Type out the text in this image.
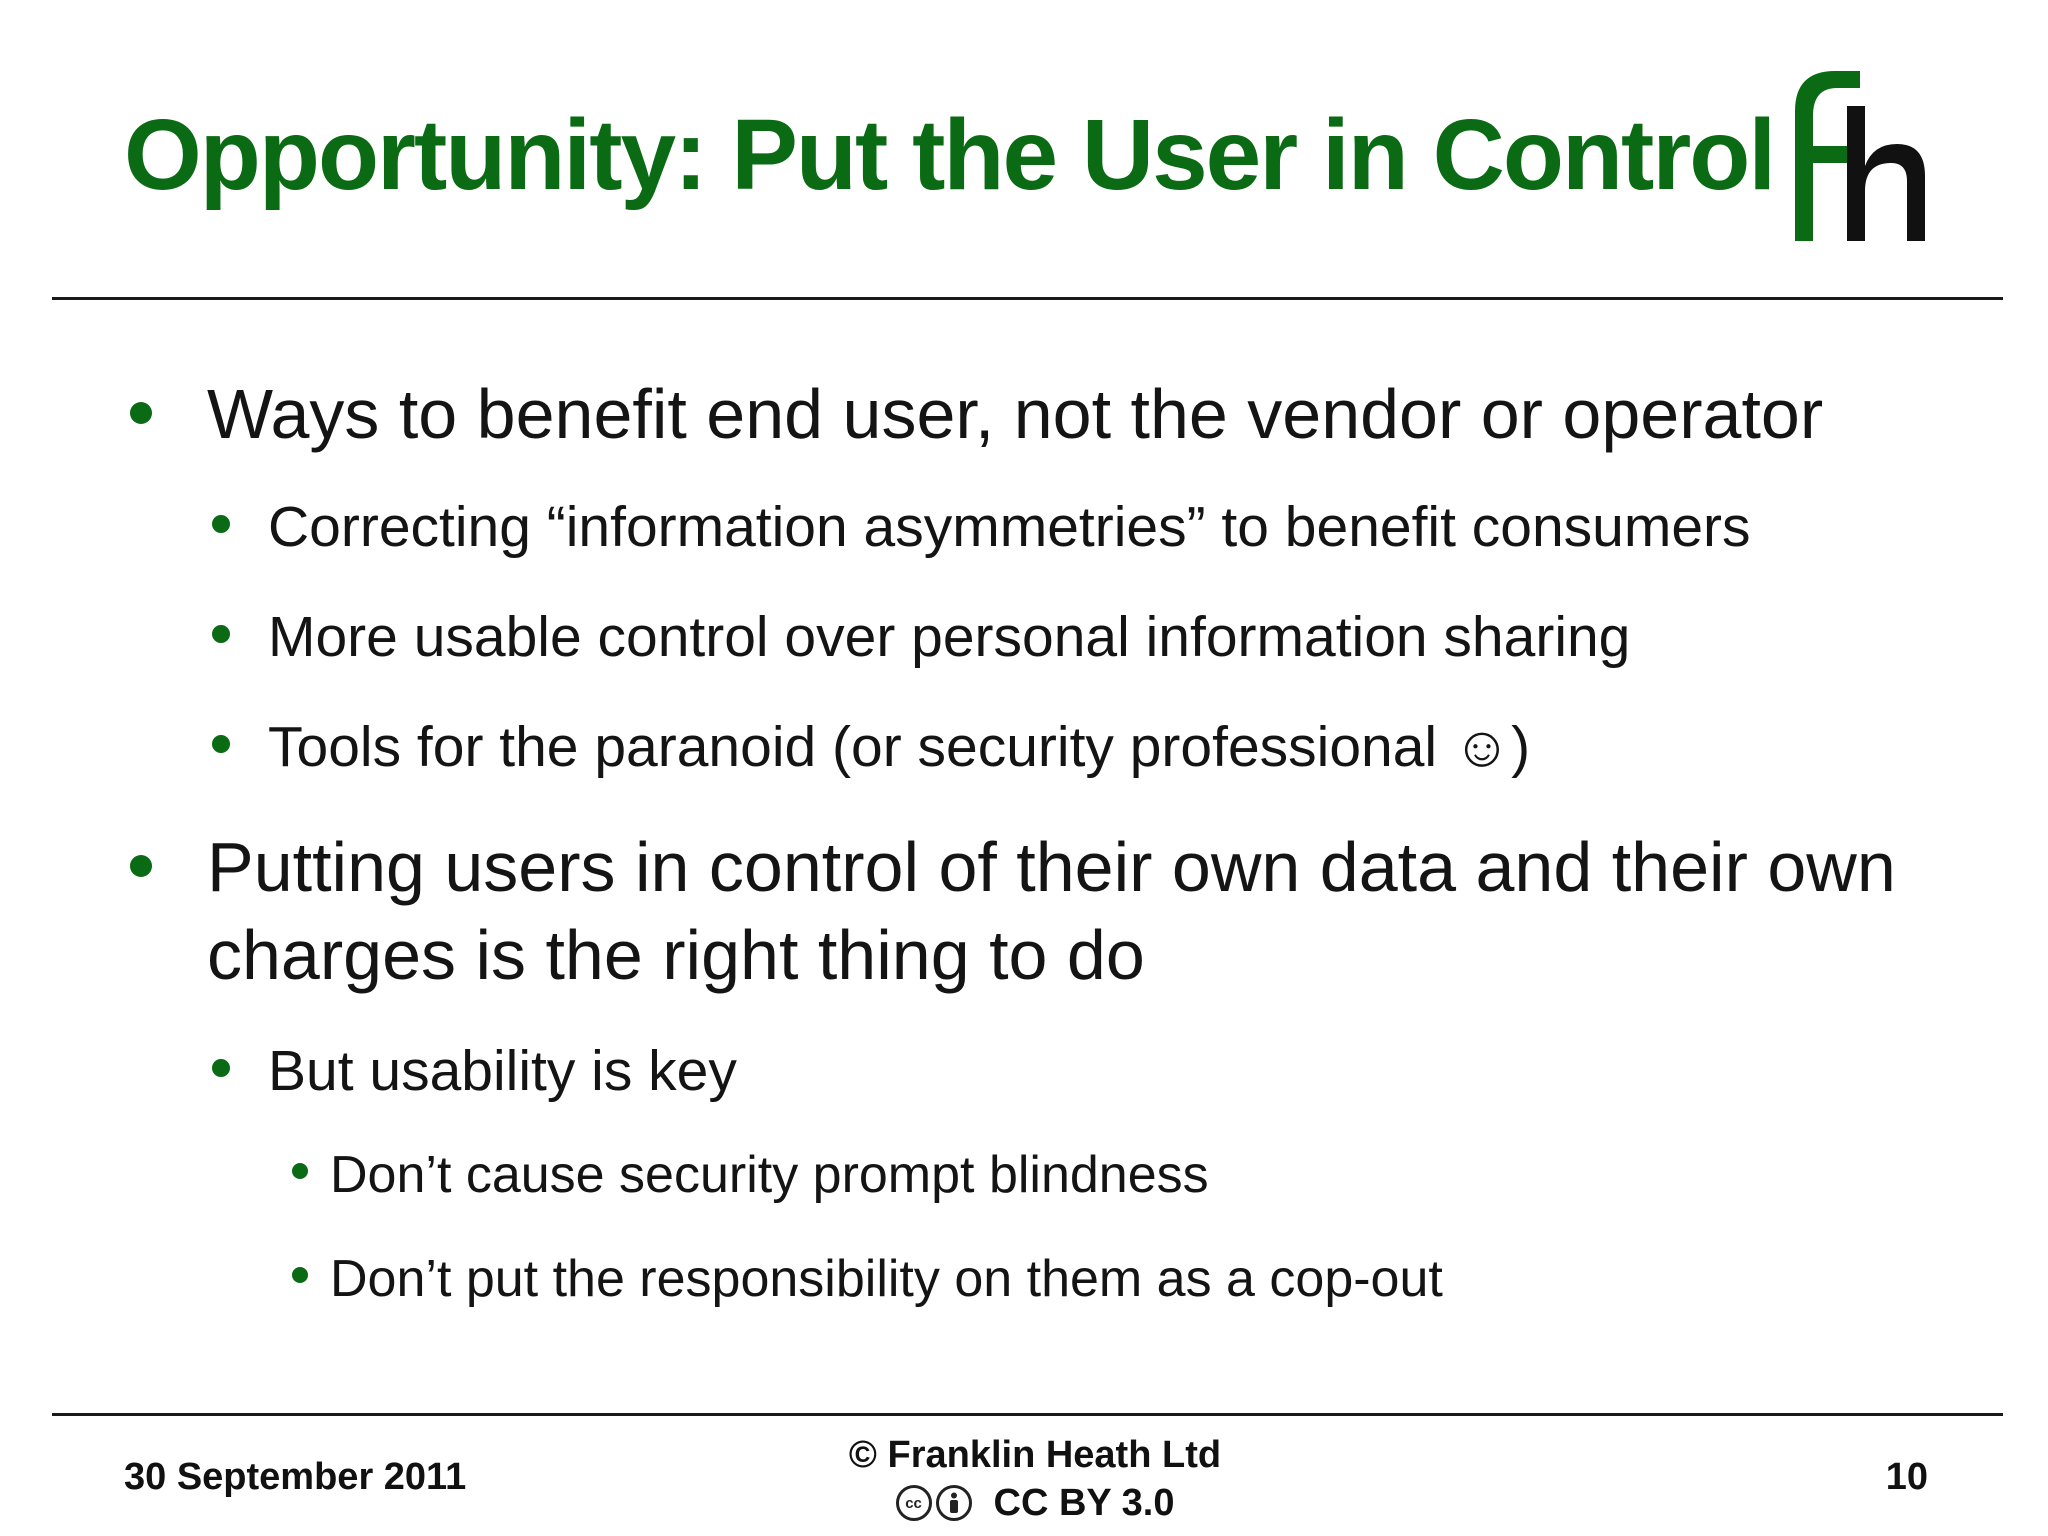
Opportunity: Put the User in Control
Ways to benefit end user, not the vendor or operator
Correcting “information asymmetries” to benefit consumers
More usable control over personal information sharing
Tools for the paranoid (or security professional ☺)
Putting users in control of their own data and their own
charges is the right thing to do
But usability is key
Don’t cause security prompt blindness
Don’t put the responsibility on them as a cop-out
30 September 2011
© Franklin Heath Ltd
cc CC BY 3.0
10
